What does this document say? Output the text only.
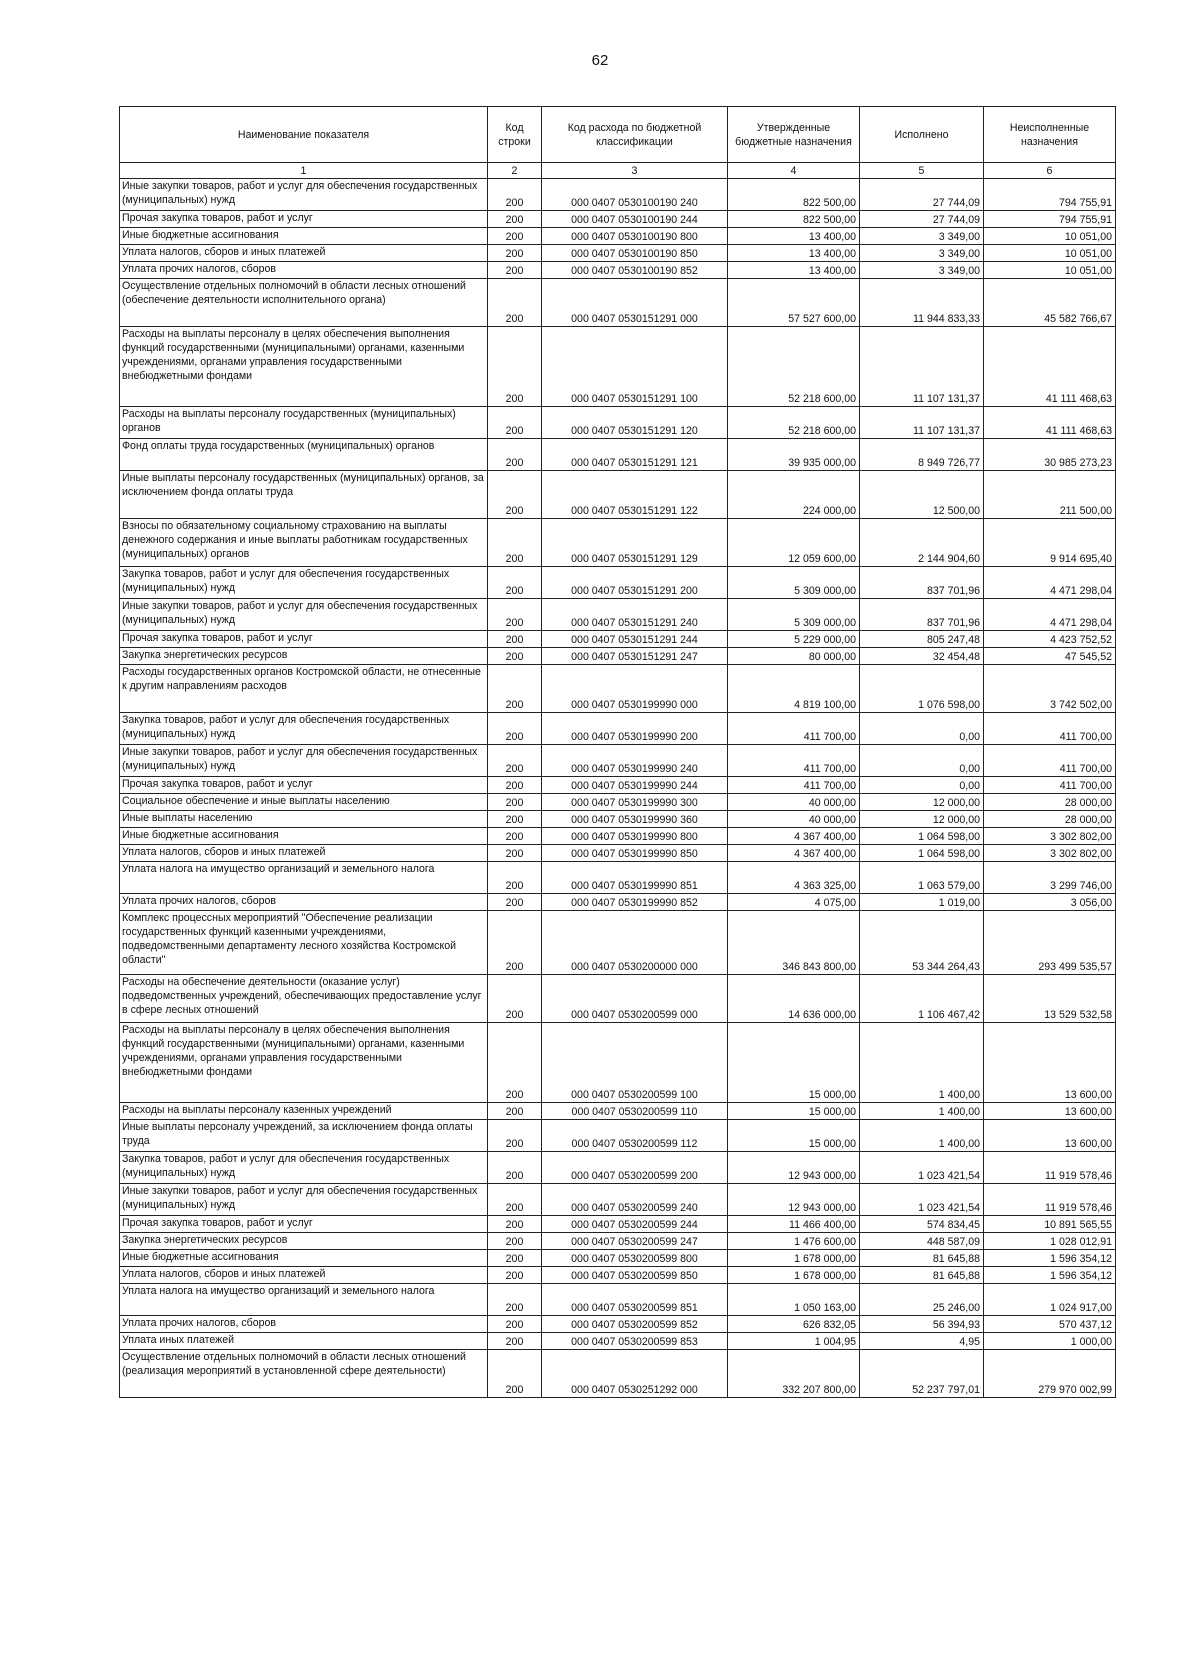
62
Наименование показателя	Код строки	Код расхода по бюджетной классификации	Утвержденные бюджетные назначения	Исполнено	Неисполненные назначения
1	2	3	4	5	6
Иные закупки товаров, работ и услуг для обеспечения государственных (муниципальных) нужд	200	000 0407 0530100190 240	822 500,00	27 744,09	794 755,91
Прочая закупка товаров, работ и услуг	200	000 0407 0530100190 244	822 500,00	27 744,09	794 755,91
Иные бюджетные ассигнования	200	000 0407 0530100190 800	13 400,00	3 349,00	10 051,00
Уплата налогов, сборов и иных платежей	200	000 0407 0530100190 850	13 400,00	3 349,00	10 051,00
Уплата прочих налогов, сборов	200	000 0407 0530100190 852	13 400,00	3 349,00	10 051,00
Осуществление отдельных полномочий в области лесных отношений (обеспечение деятельности исполнительного органа)	200	000 0407 0530151291 000	57 527 600,00	11 944 833,33	45 582 766,67
Расходы на выплаты персоналу в целях обеспечения выполнения функций государственными (муниципальными) органами, казенными учреждениями, органами управления государственными внебюджетными фондами	200	000 0407 0530151291 100	52 218 600,00	11 107 131,37	41 111 468,63
Расходы на выплаты персоналу государственных (муниципальных) органов	200	000 0407 0530151291 120	52 218 600,00	11 107 131,37	41 111 468,63
Фонд оплаты труда государственных (муниципальных) органов	200	000 0407 0530151291 121	39 935 000,00	8 949 726,77	30 985 273,23
Иные выплаты персоналу государственных (муниципальных) органов, за исключением фонда оплаты труда	200	000 0407 0530151291 122	224 000,00	12 500,00	211 500,00
Взносы по обязательному социальному страхованию на выплаты денежного содержания и иные выплаты работникам государственных (муниципальных) органов	200	000 0407 0530151291 129	12 059 600,00	2 144 904,60	9 914 695,40
Закупка товаров, работ и услуг для обеспечения государственных (муниципальных) нужд	200	000 0407 0530151291 200	5 309 000,00	837 701,96	4 471 298,04
Иные закупки товаров, работ и услуг для обеспечения государственных (муниципальных) нужд	200	000 0407 0530151291 240	5 309 000,00	837 701,96	4 471 298,04
Прочая закупка товаров, работ и услуг	200	000 0407 0530151291 244	5 229 000,00	805 247,48	4 423 752,52
Закупка энергетических ресурсов	200	000 0407 0530151291 247	80 000,00	32 454,48	47 545,52
Расходы государственных органов Костромской области, не отнесенные к другим направлениям расходов	200	000 0407 0530199990 000	4 819 100,00	1 076 598,00	3 742 502,00
Закупка товаров, работ и услуг для обеспечения государственных (муниципальных) нужд	200	000 0407 0530199990 200	411 700,00	0,00	411 700,00
Иные закупки товаров, работ и услуг для обеспечения государственных (муниципальных) нужд	200	000 0407 0530199990 240	411 700,00	0,00	411 700,00
Прочая закупка товаров, работ и услуг	200	000 0407 0530199990 244	411 700,00	0,00	411 700,00
Социальное обеспечение и иные выплаты населению	200	000 0407 0530199990 300	40 000,00	12 000,00	28 000,00
Иные выплаты населению	200	000 0407 0530199990 360	40 000,00	12 000,00	28 000,00
Иные бюджетные ассигнования	200	000 0407 0530199990 800	4 367 400,00	1 064 598,00	3 302 802,00
Уплата налогов, сборов и иных платежей	200	000 0407 0530199990 850	4 367 400,00	1 064 598,00	3 302 802,00
Уплата налога на имущество организаций и земельного налога	200	000 0407 0530199990 851	4 363 325,00	1 063 579,00	3 299 746,00
Уплата прочих налогов, сборов	200	000 0407 0530199990 852	4 075,00	1 019,00	3 056,00
Комплекс процессных мероприятий "Обеспечение реализации государственных функций казенными учреждениями, подведомственными департаменту лесного хозяйства Костромской области"	200	000 0407 0530200000 000	346 843 800,00	53 344 264,43	293 499 535,57
Расходы на обеспечение деятельности (оказание услуг) подведомственных учреждений, обеспечивающих предоставление услуг в сфере лесных отношений	200	000 0407 0530200599 000	14 636 000,00	1 106 467,42	13 529 532,58
Расходы на выплаты персоналу в целях обеспечения выполнения функций государственными (муниципальными) органами, казенными учреждениями, органами управления государственными внебюджетными фондами	200	000 0407 0530200599 100	15 000,00	1 400,00	13 600,00
Расходы на выплаты персоналу казенных учреждений	200	000 0407 0530200599 110	15 000,00	1 400,00	13 600,00
Иные выплаты персоналу учреждений, за исключением фонда оплаты труда	200	000 0407 0530200599 112	15 000,00	1 400,00	13 600,00
Закупка товаров, работ и услуг для обеспечения государственных (муниципальных) нужд	200	000 0407 0530200599 200	12 943 000,00	1 023 421,54	11 919 578,46
Иные закупки товаров, работ и услуг для обеспечения государственных (муниципальных) нужд	200	000 0407 0530200599 240	12 943 000,00	1 023 421,54	11 919 578,46
Прочая закупка товаров, работ и услуг	200	000 0407 0530200599 244	11 466 400,00	574 834,45	10 891 565,55
Закупка энергетических ресурсов	200	000 0407 0530200599 247	1 476 600,00	448 587,09	1 028 012,91
Иные бюджетные ассигнования	200	000 0407 0530200599 800	1 678 000,00	81 645,88	1 596 354,12
Уплата налогов, сборов и иных платежей	200	000 0407 0530200599 850	1 678 000,00	81 645,88	1 596 354,12
Уплата налога на имущество организаций и земельного налога	200	000 0407 0530200599 851	1 050 163,00	25 246,00	1 024 917,00
Уплата прочих налогов, сборов	200	000 0407 0530200599 852	626 832,05	56 394,93	570 437,12
Уплата иных платежей	200	000 0407 0530200599 853	1 004,95	4,95	1 000,00
Осуществление отдельных полномочий в области лесных отношений (реализация мероприятий в установленной сфере деятельности)	200	000 0407 0530251292 000	332 207 800,00	52 237 797,01	279 970 002,99
